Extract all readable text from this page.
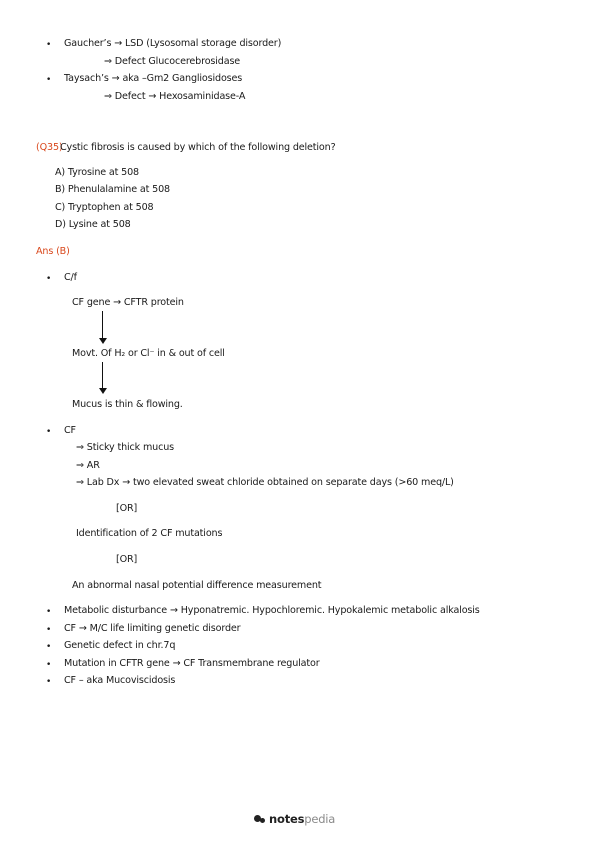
• Gaucher’s → LSD (Lysosomal storage disorder)
⇒ Defect Glucocerebrosidase
• Taysach’s → aka –Gm2 Gangliosidoses
⇒ Defect → Hexosaminidase-A
(Q35)
Cystic fibrosis is caused by which of the following deletion?
A) Tyrosine at 508
B) Phenulalamine at 508
C) Tryptophen at 508
D) Lysine at 508
Ans (B)
• C/f
CF gene → CFTR protein
Movt. Of H₂ or Cl⁻ in & out of cell
Mucus is thin & flowing.
• CF
⇒ Sticky thick mucus
⇒ AR
⇒ Lab Dx → two elevated sweat chloride obtained on separate days (>60 meq/L)
[OR]
Identification of 2 CF mutations
[OR]
An abnormal nasal potential difference measurement
• Metabolic disturbance → Hyponatremic. Hypochloremic. Hypokalemic metabolic alkalosis
• CF → M/C life limiting genetic disorder
• Genetic defect in chr.7q
• Mutation in CFTR gene → CF Transmembrane regulator
• CF – aka Mucoviscidosis
notespedia
